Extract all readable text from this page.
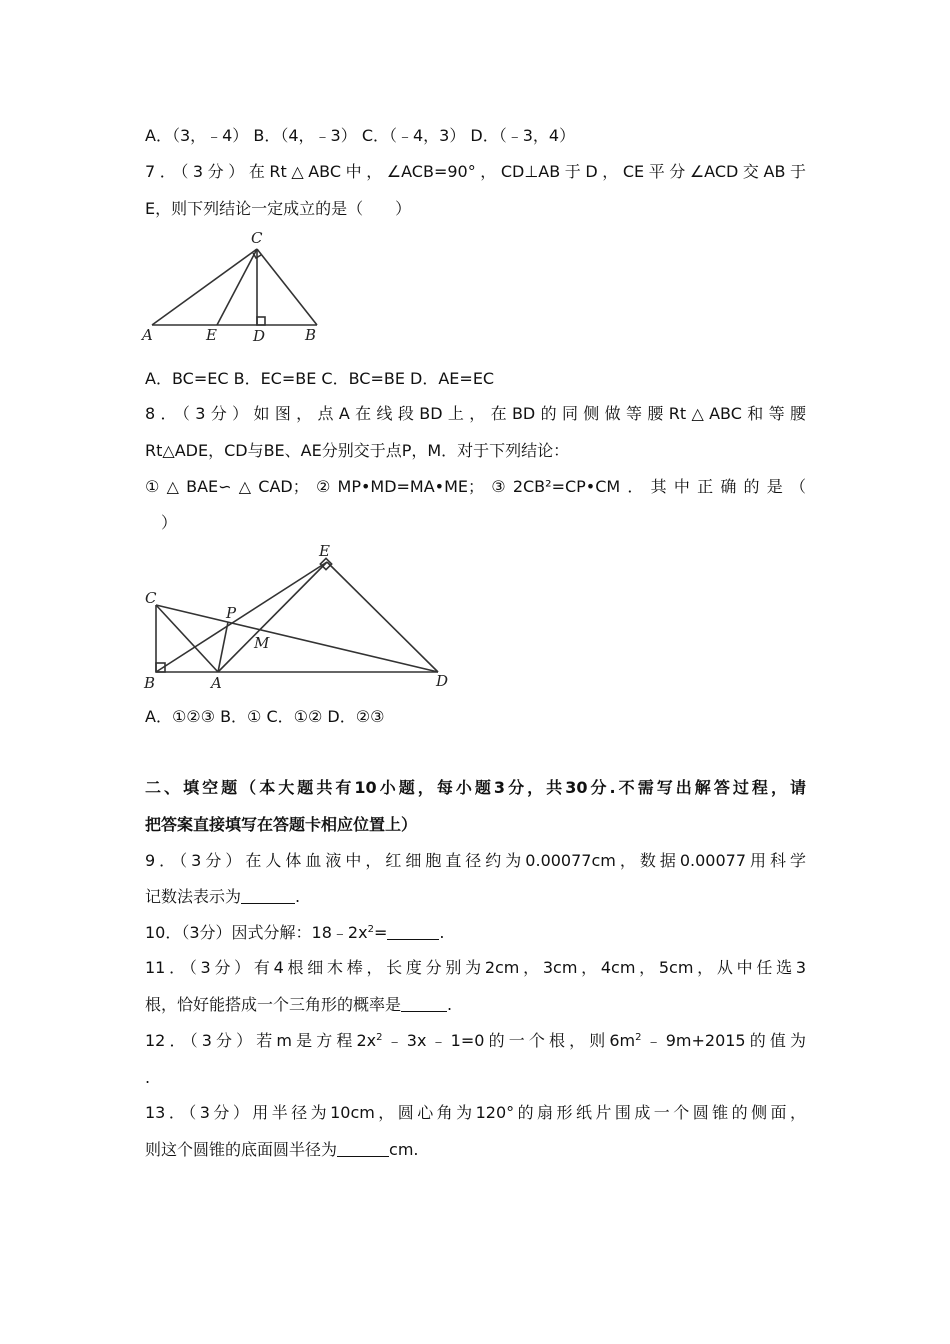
A．（3，﹣4） B．（4，﹣3） C．（﹣4，3） D．（﹣3，4）
7．（3分）在Rt△ABC中，∠ACB=90°，CD⊥AB于D，CE平分∠ACD交AB于
E，则下列结论一定成立的是（　　）
C
A	E D	B
A．BC=EC B．EC=BE C．BC=BE D．AE=EC
8．（3分）如图，点A在线段BD上，在BD的同侧做等腰Rt△ABC和等腰
Rt△ADE，CD与BE、AE分别交于点P，M．对于下列结论：
①△BAE∽△CAD；②MP•MD=MA•ME；③2CB²=CP•CM．其中正确的是（
　）
E
C
P
M
B	A	D
A．①②③ B．① C．①② D．②③
二、填空题（本大题共有10小题，每小题3分，共30分.不需写出解答过程，请
把答案直接填写在答题卡相应位置上）
9．（3分）在人体血液中，红细胞直径约为0.00077cm，数据0.00077用科学
记数法表示为	.
10．（3分）因式分解：$18﹣2x^2=$	.
11．（3分）有4根细木棒，长度分别为2cm，3cm，4cm，5cm，从中任选3
根，恰好能搭成一个三角形的概率是	.
12．（3分）若m是方程$2x^2﹣3x﹣1=0$的一个根，则$6m^2﹣9m+2015$的值为
.
13．（3分）用半径为10cm，圆心角为120°的扇形纸片围成一个圆锥的侧面，
则这个圆锥的底面圆半径为	cm.
